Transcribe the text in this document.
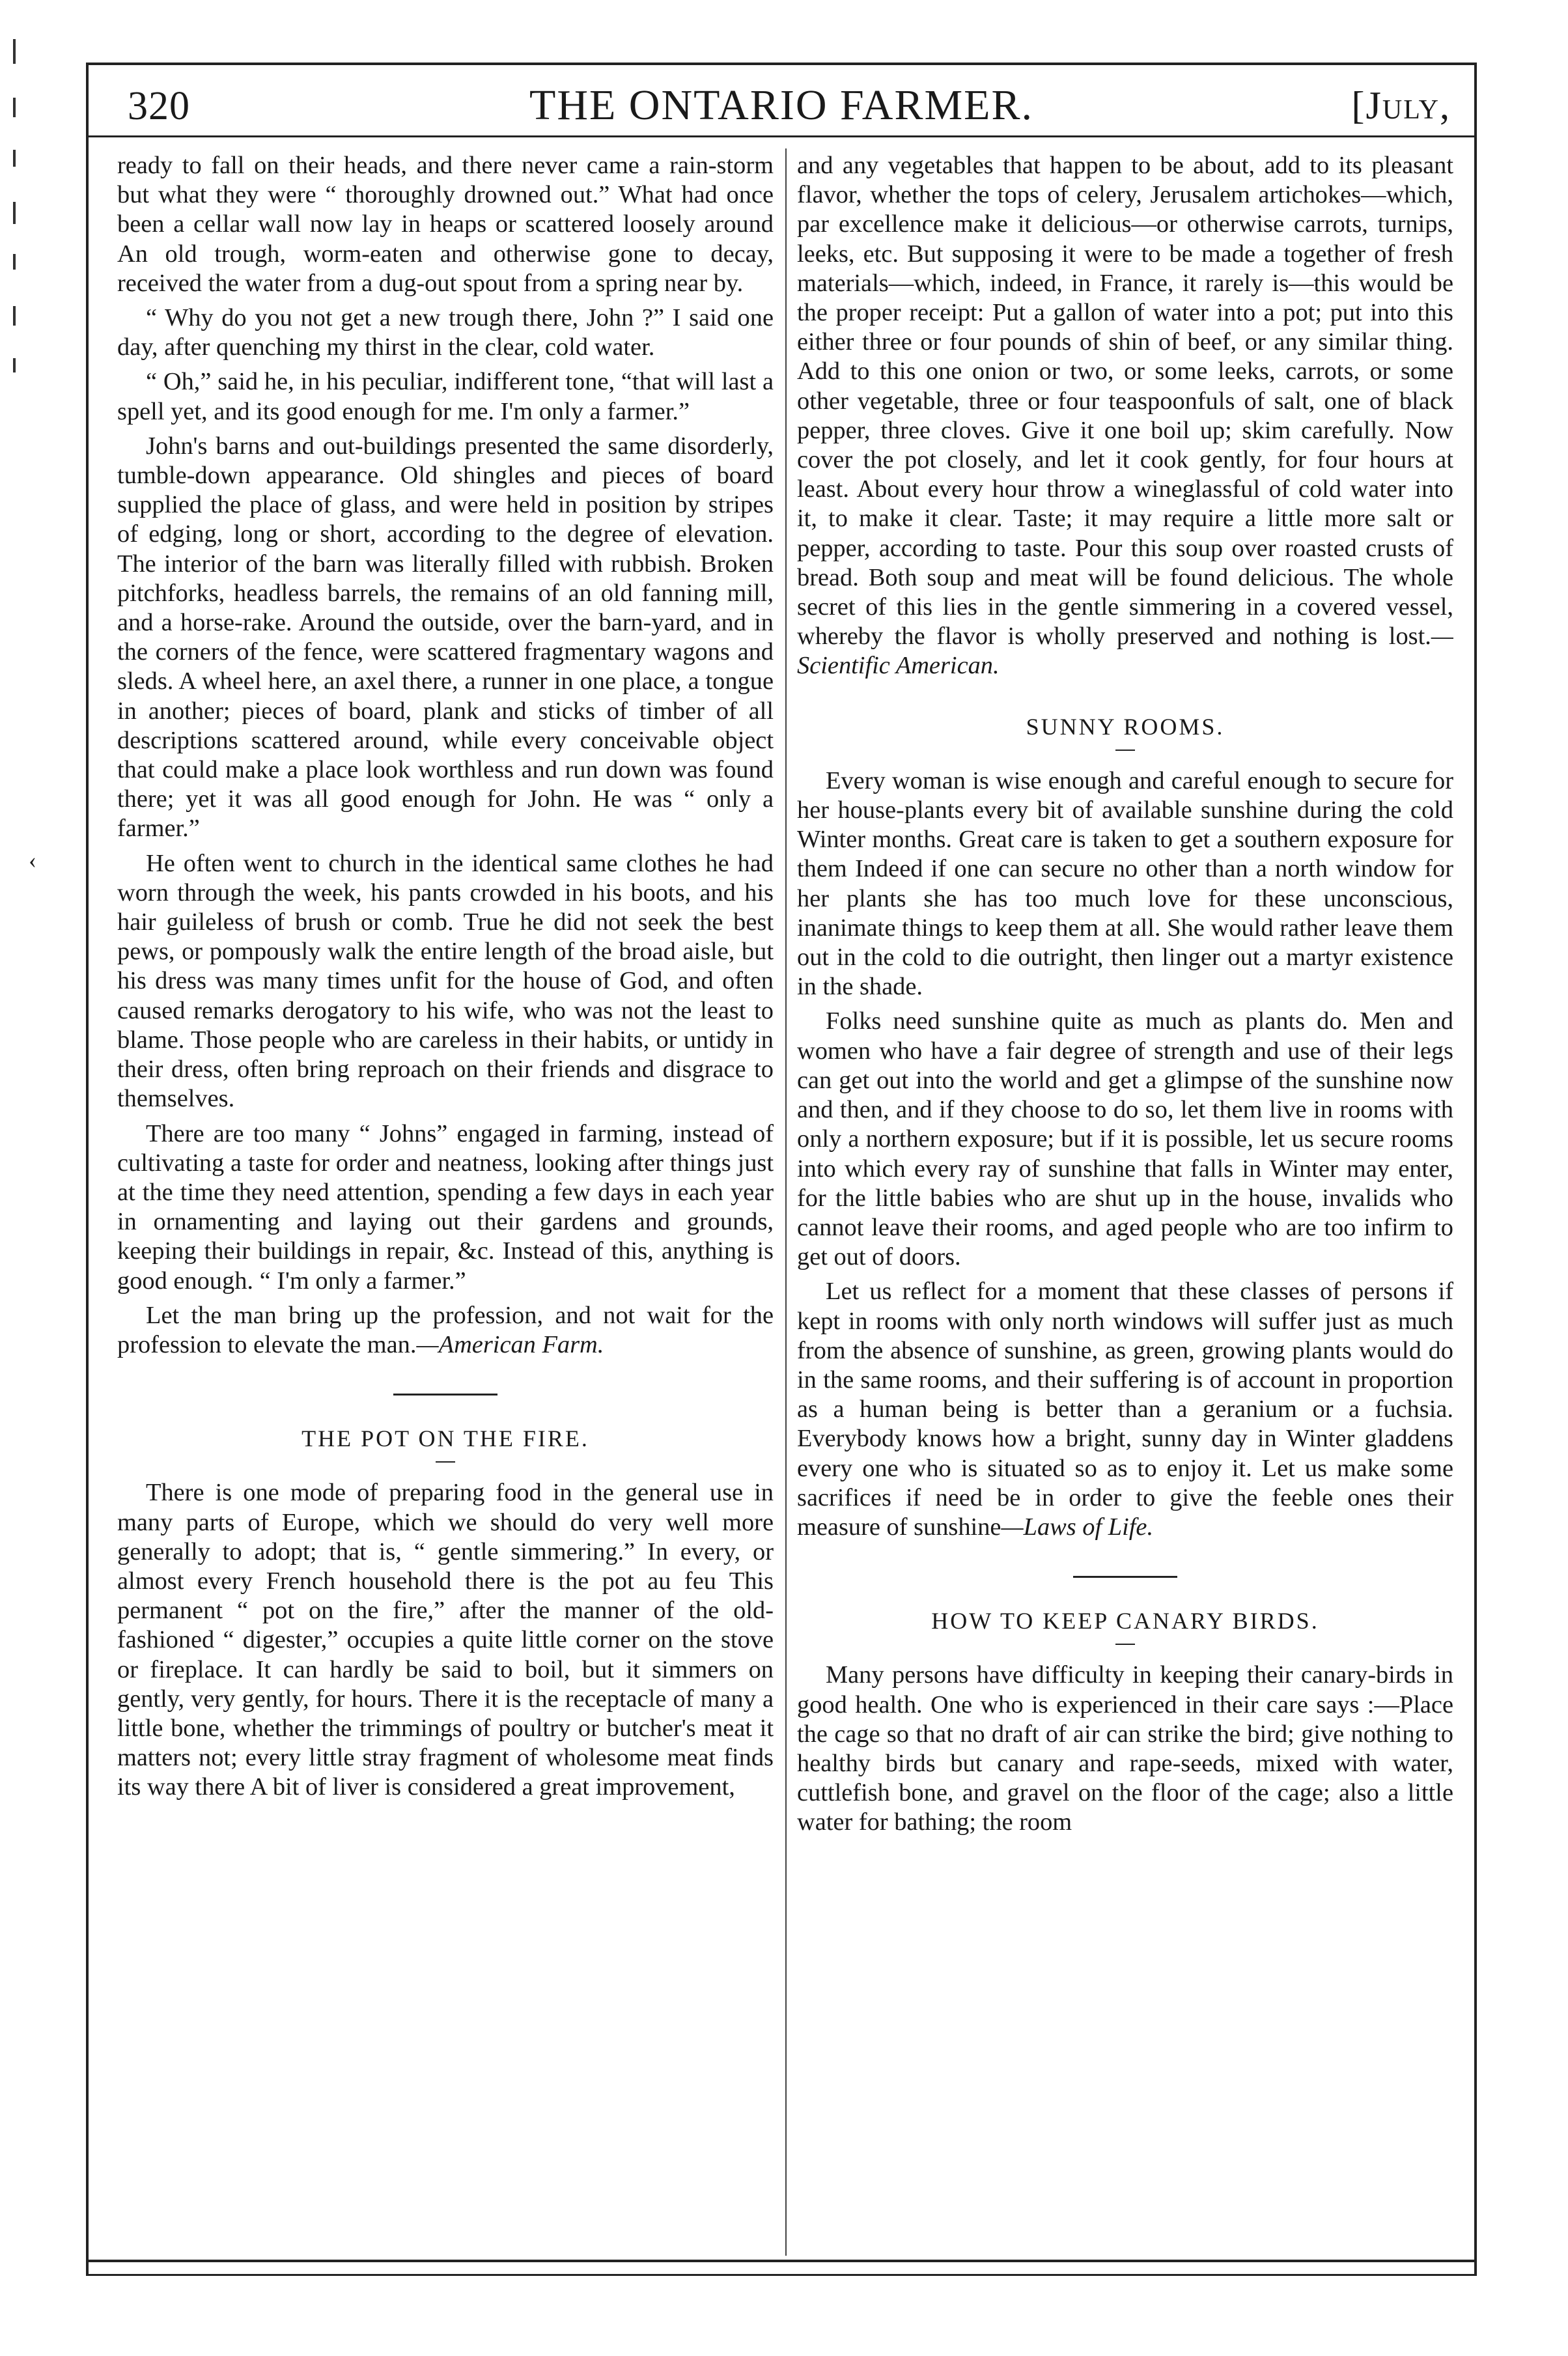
‹
320	THE ONTARIO FARMER.	[July,

ready to fall on their heads, and there never came a rain-storm but what they were “ thoroughly drowned out.” What had once been a cellar wall now lay in heaps or scattered loosely around An old trough, worm-eaten and otherwise gone to decay, received the water from a dug-out spout from a spring near by.

“ Why do you not get a new trough there, John ?” I said one day, after quenching my thirst in the clear, cold water.

“ Oh,” said he, in his peculiar, indifferent tone, “that will last a spell yet, and its good enough for me. I'm only a farmer.”

John's barns and out-buildings presented the same disorderly, tumble-down appearance. Old shingles and pieces of board supplied the place of glass, and were held in position by stripes of edging, long or short, according to the degree of elevation. The interior of the barn was literally filled with rubbish. Broken pitchforks, headless barrels, the remains of an old fanning mill, and a horse-rake. Around the outside, over the barn-yard, and in the corners of the fence, were scattered fragmentary wagons and sleds. A wheel here, an axel there, a runner in one place, a tongue in another; pieces of board, plank and sticks of timber of all descriptions scattered around, while every conceivable object that could make a place look worthless and run down was found there; yet it was all good enough for John. He was “ only a farmer.”

He often went to church in the identical same clothes he had worn through the week, his pants crowded in his boots, and his hair guileless of brush or comb. True he did not seek the best pews, or pompously walk the entire length of the broad aisle, but his dress was many times unfit for the house of God, and often caused remarks derogatory to his wife, who was not the least to blame. Those people who are careless in their habits, or untidy in their dress, often bring reproach on their friends and disgrace to themselves.

There are too many “ Johns” engaged in farming, instead of cultivating a taste for order and neatness, looking after things just at the time they need attention, spending a few days in each year in ornamenting and laying out their gardens and grounds, keeping their buildings in repair, &c. Instead of this, anything is good enough. “ I'm only a farmer.”

Let the man bring up the profession, and not wait for the profession to elevate the man.—American Farm.

THE POT ON THE FIRE.

There is one mode of preparing food in the general use in many parts of Europe, which we should do very well more generally to adopt; that is, “ gentle simmering.” In every, or almost every French household there is the pot au feu This permanent “ pot on the fire,” after the manner of the old-fashioned “ digester,” occupies a quite little corner on the stove or fireplace. It can hardly be said to boil, but it simmers on gently, very gently, for hours. There it is the receptacle of many a little bone, whether the trimmings of poultry or butcher's meat it matters not; every little stray fragment of wholesome meat finds its way there A bit of liver is considered a great improvement,

and any vegetables that happen to be about, add to its pleasant flavor, whether the tops of celery, Jerusalem artichokes—which, par excellence make it delicious—or otherwise carrots, turnips, leeks, etc. But supposing it were to be made a together of fresh materials—which, indeed, in France, it rarely is—this would be the proper receipt: Put a gallon of water into a pot; put into this either three or four pounds of shin of beef, or any similar thing. Add to this one onion or two, or some leeks, carrots, or some other vegetable, three or four teaspoonfuls of salt, one of black pepper, three cloves. Give it one boil up; skim carefully. Now cover the pot closely, and let it cook gently, for four hours at least. About every hour throw a wineglassful of cold water into it, to make it clear. Taste; it may require a little more salt or pepper, according to taste. Pour this soup over roasted crusts of bread. Both soup and meat will be found delicious. The whole secret of this lies in the gentle simmering in a covered vessel, whereby the flavor is wholly preserved and nothing is lost.—Scientific American.

SUNNY ROOMS.

Every woman is wise enough and careful enough to secure for her house-plants every bit of available sunshine during the cold Winter months. Great care is taken to get a southern exposure for them Indeed if one can secure no other than a north window for her plants she has too much love for these unconscious, inanimate things to keep them at all. She would rather leave them out in the cold to die outright, then linger out a martyr existence in the shade.

Folks need sunshine quite as much as plants do. Men and women who have a fair degree of strength and use of their legs can get out into the world and get a glimpse of the sunshine now and then, and if they choose to do so, let them live in rooms with only a northern exposure; but if it is possible, let us secure rooms into which every ray of sunshine that falls in Winter may enter, for the little babies who are shut up in the house, invalids who cannot leave their rooms, and aged people who are too infirm to get out of doors.

Let us reflect for a moment that these classes of persons if kept in rooms with only north windows will suffer just as much from the absence of sunshine, as green, growing plants would do in the same rooms, and their suffering is of account in proportion as a human being is better than a geranium or a fuchsia. Everybody knows how a bright, sunny day in Winter gladdens every one who is situated so as to enjoy it. Let us make some sacrifices if need be in order to give the feeble ones their measure of sunshine—Laws of Life.

HOW TO KEEP CANARY BIRDS.

Many persons have difficulty in keeping their canary-birds in good health. One who is experienced in their care says :—Place the cage so that no draft of air can strike the bird; give nothing to healthy birds but canary and rape-seeds, mixed with water, cuttlefish bone, and gravel on the floor of the cage; also a little water for bathing; the room
